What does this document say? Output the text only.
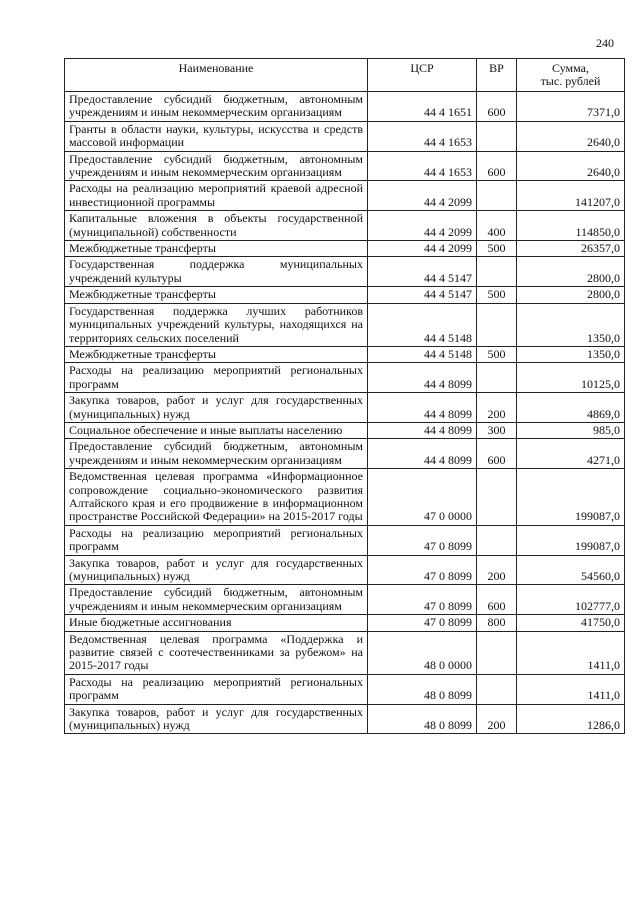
240
Наименование	ЦСР	ВР	Сумма,
тыс. рублей

Предоставление субсидий бюджетным, автономным учреждениям и иным некоммерческим организациям	44 4 1651	600	7371,0
Гранты в области науки, культуры, искусства и средств массовой информации	44 4 1653		2640,0
Предоставление субсидий бюджетным, автономным учреждениям и иным некоммерческим организациям	44 4 1653	600	2640,0
Расходы на реализацию мероприятий краевой адресной инвестиционной программы	44 4 2099		141207,0
Капитальные вложения в объекты государственной (муниципальной) собственности	44 4 2099	400	114850,0
Межбюджетные трансферты	44 4 2099	500	26357,0
Государственная поддержка муниципальных учреждений культуры	44 4 5147		2800,0
Межбюджетные трансферты	44 4 5147	500	2800,0
Государственная поддержка лучших работников муниципальных учреждений культуры, находящихся на территориях сельских поселений	44 4 5148		1350,0
Межбюджетные трансферты	44 4 5148	500	1350,0
Расходы на реализацию мероприятий региональных программ	44 4 8099		10125,0
Закупка товаров, работ и услуг для государственных (муниципальных) нужд	44 4 8099	200	4869,0
Социальное обеспечение и иные выплаты населению	44 4 8099	300	985,0
Предоставление субсидий бюджетным, автономным учреждениям и иным некоммерческим организациям	44 4 8099	600	4271,0
Ведомственная целевая программа «Информационное сопровождение социально-экономического развития Алтайского края и его продвижение в информационном пространстве Российской Федерации» на 2015-2017 годы	47 0 0000		199087,0
Расходы на реализацию мероприятий региональных программ	47 0 8099		199087,0
Закупка товаров, работ и услуг для государственных (муниципальных) нужд	47 0 8099	200	54560,0
Предоставление субсидий бюджетным, автономным учреждениям и иным некоммерческим организациям	47 0 8099	600	102777,0
Иные бюджетные ассигнования	47 0 8099	800	41750,0
Ведомственная целевая программа «Поддержка и развитие связей с соотечественниками за рубежом» на 2015-2017 годы	48 0 0000		1411,0
Расходы на реализацию мероприятий региональных программ	48 0 8099		1411,0
Закупка товаров, работ и услуг для государственных (муниципальных) нужд	48 0 8099	200	1286,0
